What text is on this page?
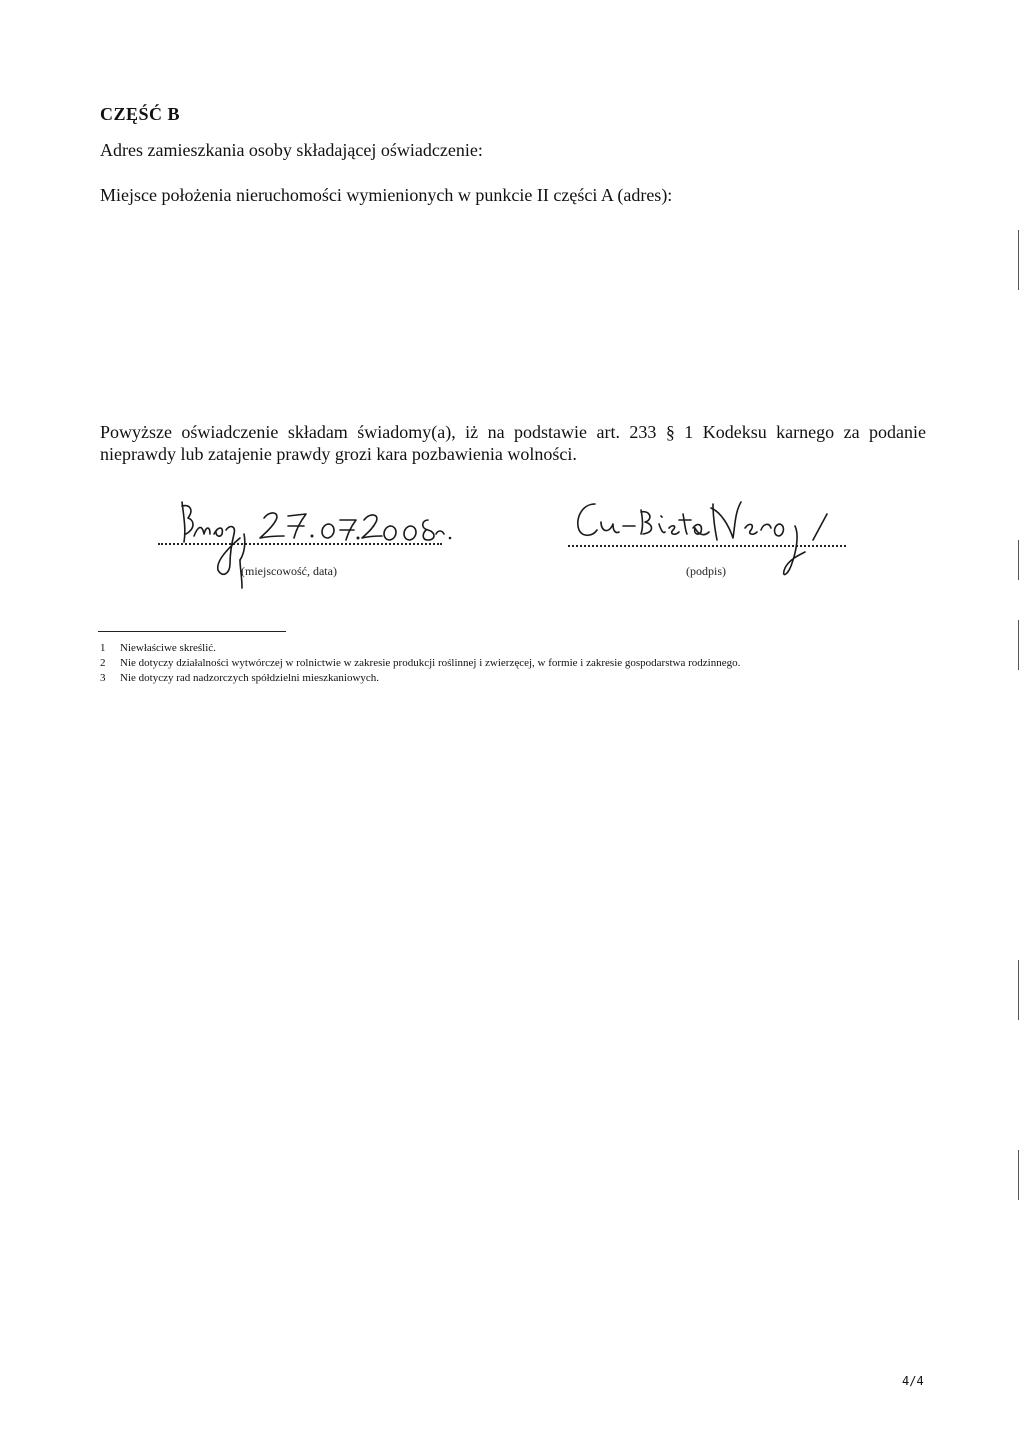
CZĘŚĆ B
Adres zamieszkania osoby składającej oświadczenie:
Miejsce położenia nieruchomości wymienionych w punkcie II części A (adres):
Powyższe oświadczenie składam świadomy(a), iż na podstawie art. 233 § 1 Kodeksu karnego za podanie nieprawdy lub zatajenie prawdy grozi kara pozbawienia wolności.
(miejscowość, data)	(podpis)
1 Niewłaściwe skreślić.
2 Nie dotyczy działalności wytwórczej w rolnictwie w zakresie produkcji roślinnej i zwierzęcej, w formie i zakresie gospodarstwa rodzinnego.
3 Nie dotyczy rad nadzorczych spółdzielni mieszkaniowych.
4/4
